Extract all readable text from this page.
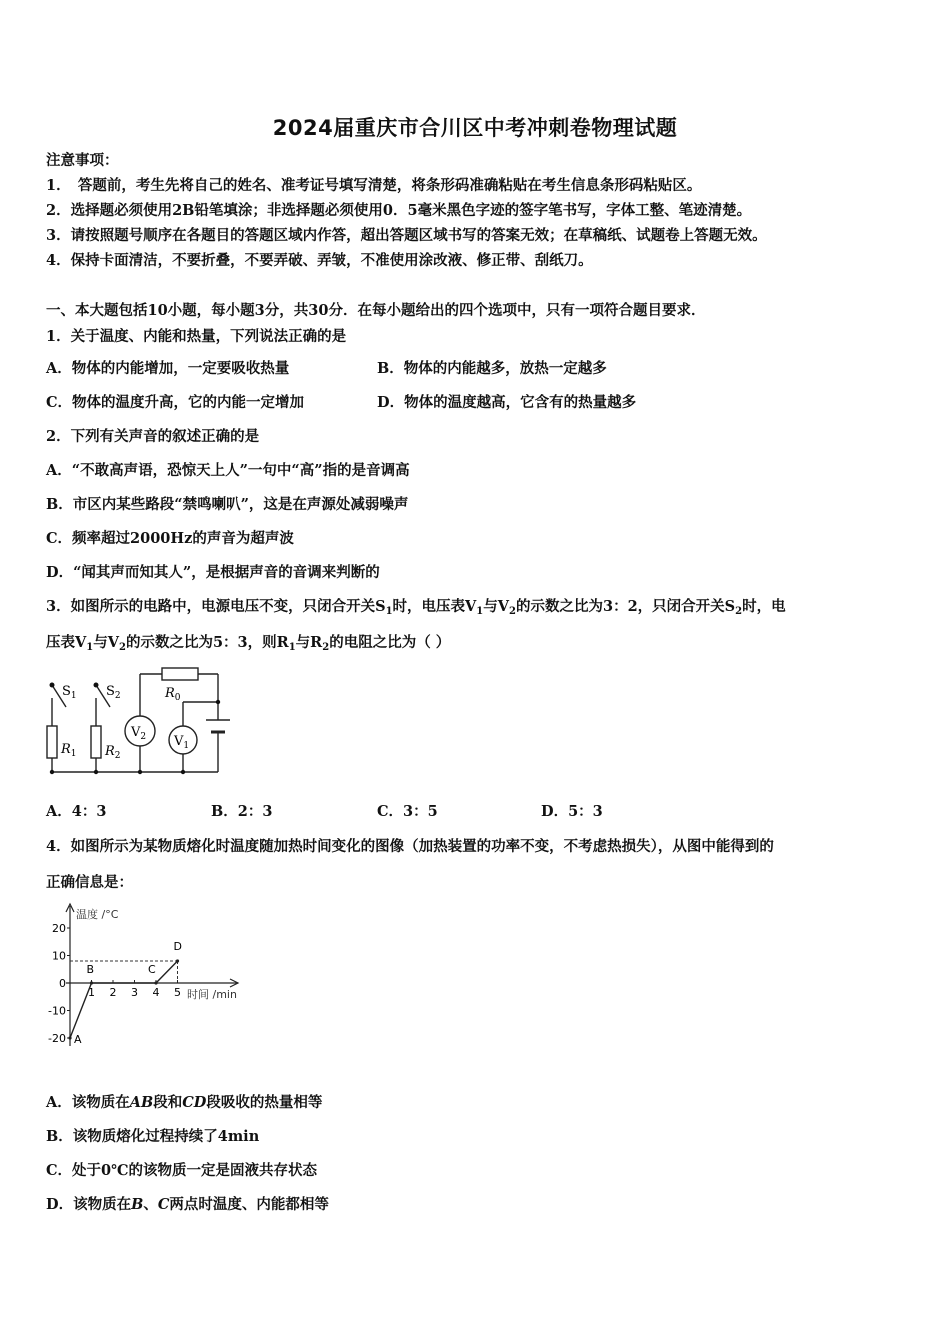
2024届重庆市合川区中考冲刺卷物理试题
注意事项：
1．　答题前，考生先将自己的姓名、准考证号填写清楚，将条形码准确粘贴在考生信息条形码粘贴区。
2．选择题必须使用2B铅笔填涂；非选择题必须使用0．5毫米黑色字迹的签字笔书写，字体工整、笔迹清楚。
3．请按照题号顺序在各题目的答题区域内作答，超出答题区域书写的答案无效；在草稿纸、试题卷上答题无效。
4．保持卡面清洁，不要折叠，不要弄破、弄皱，不准使用涂改液、修正带、刮纸刀。
一、本大题包括10小题，每小题3分，共30分．在每小题给出的四个选项中，只有一项符合题目要求．
1．关于温度、内能和热量，下列说法正确的是
A．物体的内能增加，一定要吸收热量	B．物体的内能越多，放热一定越多
C．物体的温度升高，它的内能一定增加	D．物体的温度越高，它含有的热量越多
2．下列有关声音的叙述正确的是
A．“不敢高声语，恐惊天上人”一句中“高”指的是音调高
B．市区内某些路段“禁鸣喇叭”，这是在声源处减弱噪声
C．频率超过2000Hz的声音为超声波
D．“闻其声而知其人”，是根据声音的音调来判断的
3．如图所示的电路中，电源电压不变，只闭合开关$S_1$时，电压表$V_1$与$V_2$的示数之比为3：2，只闭合开关$S_2$时，电
压表$V_1$与$V_2$的示数之比为5：3，则$R_1$与$R_2$的电阻之比为（ ）
$S_1$ $S_2$	$R_0$
$R_1$ $R_2$
$V_2$ $V_1$
A．4：3	B．2：3	C．3：5	D．5：3
4．如图所示为某物质熔化时温度随加热时间变化的图像（加热装置的功率不变，不考虑热损失），从图中能得到的
正确信息是：
20
10
0
-10
-20
1 2 3 4 5
A
B	C
D
温度 /°C
时间 /min
A．该物质在AB段和CD段吸收的热量相等
B．该物质熔化过程持续了4min
C．处于0℃的该物质一定是固液共存状态
D．该物质在B、C两点时温度、内能都相等
